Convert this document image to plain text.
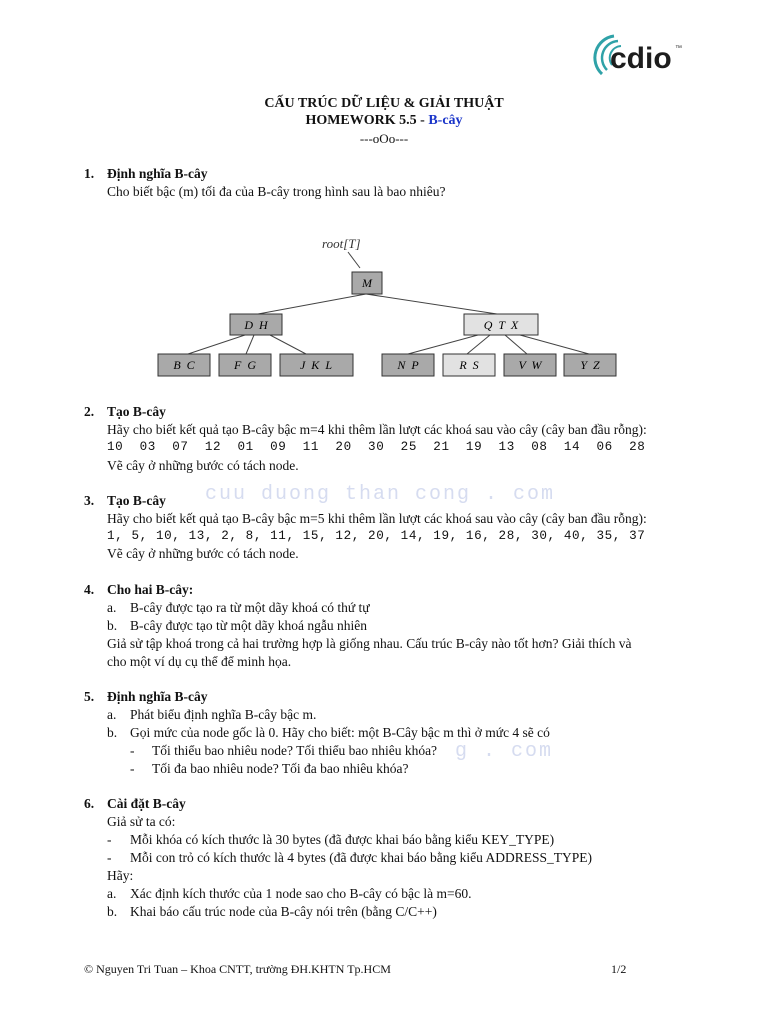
cdio ™
CẤU TRÚC DỮ LIỆU & GIẢI THUẬT
HOMEWORK 5.5 - B-cây
---oOo---
cuu duong than cong . com
g . com
1. Định nghĩa B-cây
Cho biết bậc (m) tối đa của B-cây trong hình sau là bao nhiêu?
root[T]
M
D  H	Q  T  X
B  C	F  G	J  K  L	N  P	R  S	V  W	Y  Z
2. Tạo B-cây
Hãy cho biết kết quả tạo B-cây bậc m=4 khi thêm lần lượt các khoá sau vào cây (cây ban đầu rỗng):
10  03  07  12  01  09  11  20  30  25  21  19  13  08  14  06  28
Vẽ cây ở những bước có tách node.
3. Tạo B-cây
Hãy cho biết kết quả tạo B-cây bậc m=5 khi thêm lần lượt các khoá sau vào cây (cây ban đầu rỗng):
1, 5, 10, 13, 2, 8, 11, 15, 12, 20, 14, 19, 16, 28, 30, 40, 35, 37
Vẽ cây ở những bước có tách node.
4. Cho hai B-cây:
a. B-cây được tạo ra từ một dãy khoá có thứ tự
b. B-cây được tạo từ một dãy khoá ngẫu nhiên
Giả sử tập khoá trong cả hai trường hợp là giống nhau. Cấu trúc B-cây nào tốt hơn? Giải thích và
cho một ví dụ cụ thể để minh họa.
5. Định nghĩa B-cây
a. Phát biểu định nghĩa B-cây bậc m.
b. Gọi mức của node gốc là 0. Hãy cho biết: một B-Cây bậc m thì ở mức 4 sẽ có
- Tối thiểu bao nhiêu node? Tối thiểu bao nhiêu khóa?
- Tối đa bao nhiêu node? Tối đa bao nhiêu khóa?
6. Cài đặt B-cây
Giả sử ta có:
- Mỗi khóa có kích thước là 30 bytes (đã được khai báo bằng kiểu KEY_TYPE)
- Mỗi con trỏ có kích thước là 4 bytes (đã được khai báo bằng kiểu ADDRESS_TYPE)
Hãy:
a. Xác định kích thước của 1 node sao cho B-cây có bậc là m=60.
b. Khai báo cấu trúc node của B-cây nói trên (bằng C/C++)
© Nguyen Tri Tuan – Khoa CNTT, trường ĐH.KHTN Tp.HCM	1/2
